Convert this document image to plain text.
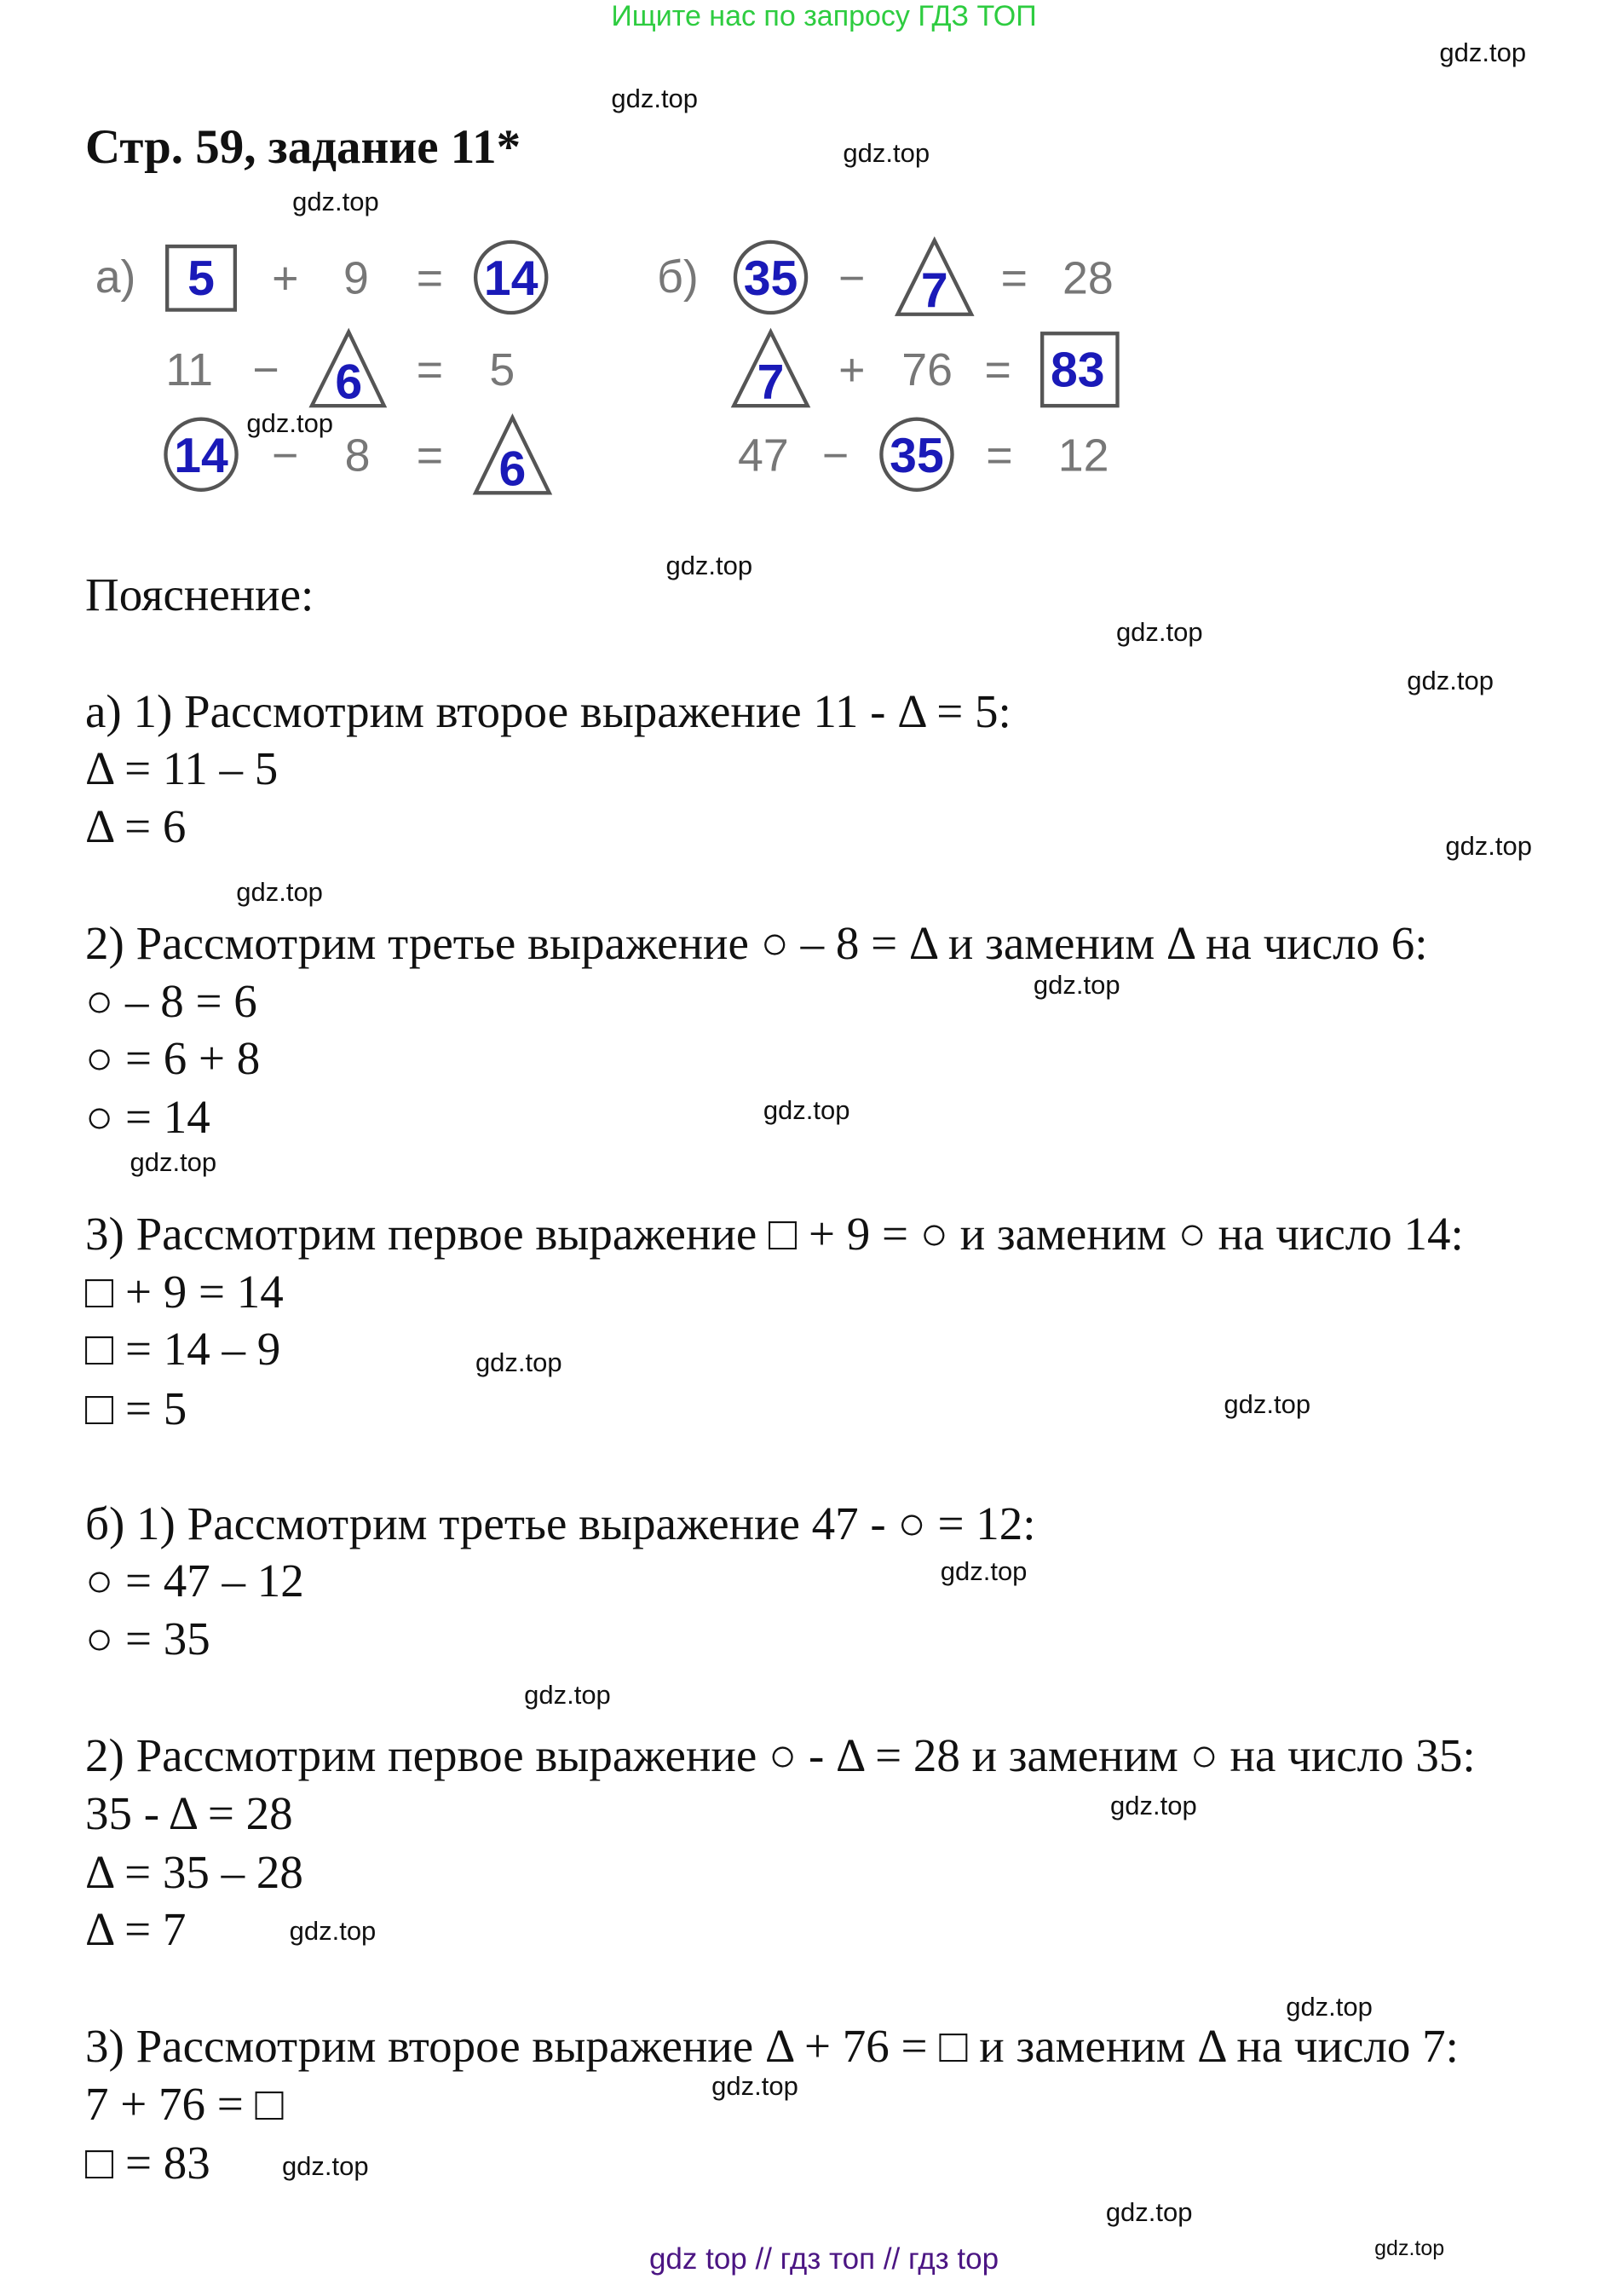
Ищите нас по запросу ГДЗ ТОП
Стр. 59, задание 11*
а) 5 + 9 = 14
11 − 6 = 5
14 − 8 = 6
б) 35 − 7 = 28
7 + 76 = 83
47 − 35 = 12
Пояснение:
а) 1) Рассмотрим второе выражение 11 - Δ = 5:
Δ = 11 – 5
Δ = 6
2) Рассмотрим третье выражение ○ – 8 = Δ и заменим Δ на число 6:
○ – 8 = 6
○ = 6 + 8
○ = 14
3) Рассмотрим первое выражение □ + 9 = ○ и заменим ○ на число 14:
□ + 9 = 14
□ = 14 – 9
□ = 5
б) 1) Рассмотрим третье выражение 47 - ○ = 12:
○ = 47 – 12
○ = 35
2) Рассмотрим первое выражение ○ - Δ = 28 и заменим ○ на число 35:
35 - Δ = 28
Δ = 35 – 28
Δ = 7
3) Рассмотрим второе выражение Δ + 76 = □ и заменим Δ на число 7:
7 + 76 = □
□ = 83
gdz.top
gdz.top
gdz.top
gdz.top
gdz.top
gdz.top
gdz.top
gdz.top
gdz.top
gdz.top
gdz.top
gdz.top
gdz.top
gdz.top
gdz.top
gdz.top
gdz.top
gdz.top
gdz.top
gdz.top
gdz.top
gdz.top
gdz.top
gdz.top
gdz top // гдз топ // гдз top
